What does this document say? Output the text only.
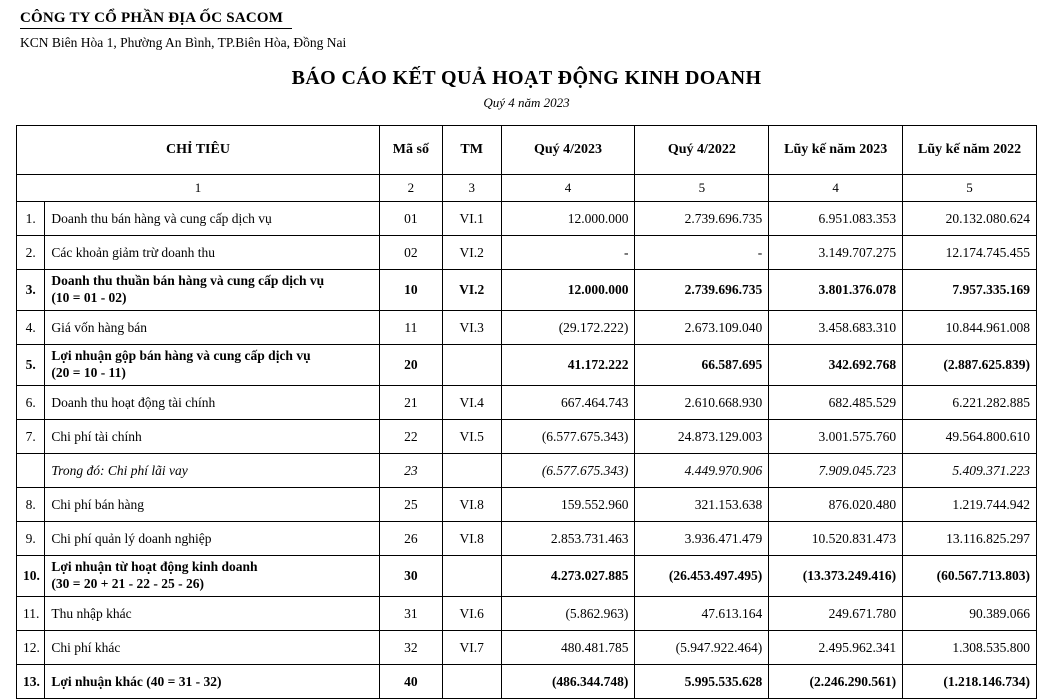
CÔNG TY CỔ PHẦN ĐỊA ỐC SACOM
KCN Biên Hòa 1, Phường An Bình, TP.Biên Hòa, Đồng Nai
BÁO CÁO KẾT QUẢ HOẠT ĐỘNG KINH DOANH
Quý 4 năm 2023
CHỈ TIÊU		Mã số	TM	Quý 4/2023	Quý 4/2022	Lũy kế năm 2023	Lũy kế năm 2022
1		2	3	4	5	4	5
1.	Doanh thu bán hàng và cung cấp dịch vụ	01	VI.1	12.000.000	2.739.696.735	6.951.083.353	20.132.080.624
2.	Các khoản giảm trừ doanh thu	02	VI.2	-	-	3.149.707.275	12.174.745.455
3.	Doanh thu thuần bán hàng và cung cấp dịch vụ
(10 = 01 - 02)	10	VI.2	12.000.000	2.739.696.735	3.801.376.078	7.957.335.169
4.	Giá vốn hàng bán	11	VI.3	(29.172.222)	2.673.109.040	3.458.683.310	10.844.961.008
5.	Lợi nhuận gộp bán hàng và cung cấp dịch vụ
(20 = 10 - 11)	20		41.172.222	66.587.695	342.692.768	(2.887.625.839)
6.	Doanh thu hoạt động tài chính	21	VI.4	667.464.743	2.610.668.930	682.485.529	6.221.282.885
7.	Chi phí tài chính	22	VI.5	(6.577.675.343)	24.873.129.003	3.001.575.760	49.564.800.610
	Trong đó: Chi phí lãi vay	23		(6.577.675.343)	4.449.970.906	7.909.045.723	5.409.371.223
8.	Chi phí bán hàng	25	VI.8	159.552.960	321.153.638	876.020.480	1.219.744.942
9.	Chi phí quản lý doanh nghiệp	26	VI.8	2.853.731.463	3.936.471.479	10.520.831.473	13.116.825.297
10.	Lợi nhuận từ hoạt động kinh doanh
(30 = 20 + 21 - 22 - 25 - 26)	30		4.273.027.885	(26.453.497.495)	(13.373.249.416)	(60.567.713.803)
11.	Thu nhập khác	31	VI.6	(5.862.963)	47.613.164	249.671.780	90.389.066
12.	Chi phí khác	32	VI.7	480.481.785	(5.947.922.464)	2.495.962.341	1.308.535.800
13.	Lợi nhuận khác (40 = 31 - 32)	40		(486.344.748)	5.995.535.628	(2.246.290.561)	(1.218.146.734)
